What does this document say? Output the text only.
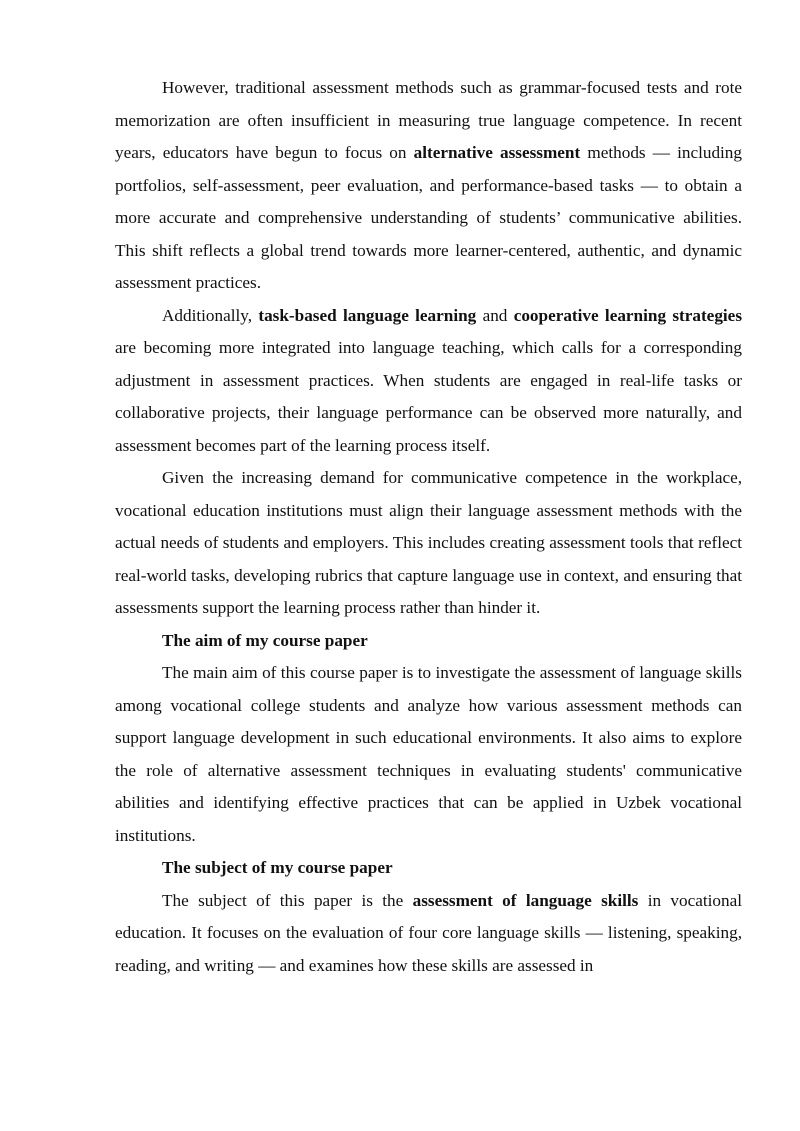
However, traditional assessment methods such as grammar-focused tests and rote memorization are often insufficient in measuring true language competence. In recent years, educators have begun to focus on alternative assessment methods — including portfolios, self-assessment, peer evaluation, and performance-based tasks — to obtain a more accurate and comprehensive understanding of students’ communicative abilities. This shift reflects a global trend towards more learner-centered, authentic, and dynamic assessment practices.

Additionally, task-based language learning and cooperative learning strategies are becoming more integrated into language teaching, which calls for a corresponding adjustment in assessment practices. When students are engaged in real-life tasks or collaborative projects, their language performance can be observed more naturally, and assessment becomes part of the learning process itself.

Given the increasing demand for communicative competence in the workplace, vocational education institutions must align their language assessment methods with the actual needs of students and employers. This includes creating assessment tools that reflect real-world tasks, developing rubrics that capture language use in context, and ensuring that assessments support the learning process rather than hinder it.

The aim of my course paper

The main aim of this course paper is to investigate the assessment of language skills among vocational college students and analyze how various assessment methods can support language development in such educational environments. It also aims to explore the role of alternative assessment techniques in evaluating students' communicative abilities and identifying effective practices that can be applied in Uzbek vocational institutions.

The subject of my course paper

The subject of this paper is the assessment of language skills in vocational education. It focuses on the evaluation of four core language skills — listening, speaking, reading, and writing — and examines how these skills are assessed in
